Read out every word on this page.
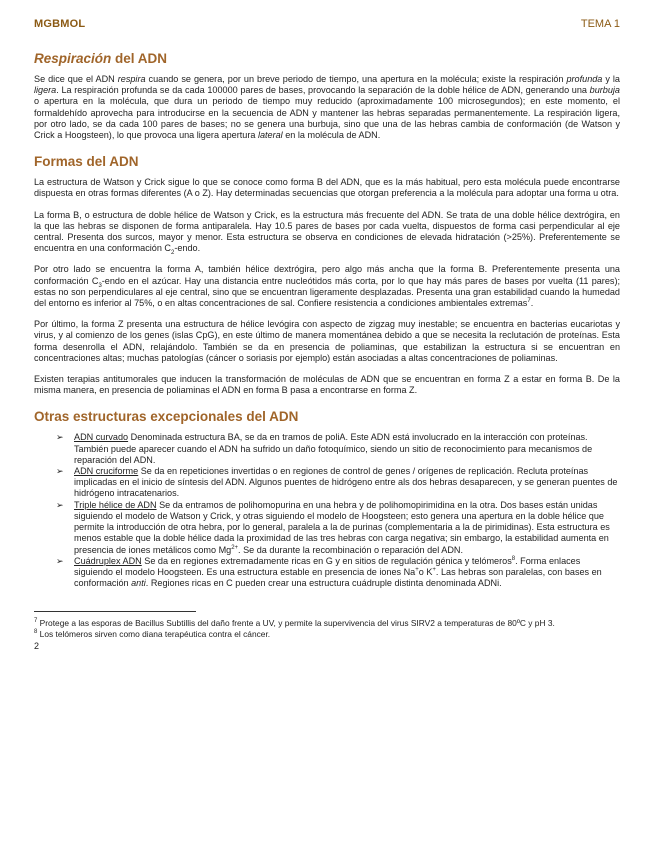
MGBMOL	TEMA 1
Respiración del ADN

Se dice que el ADN respira cuando se genera, por un breve periodo de tiempo, una apertura en la molécula; existe la respiración profunda y la ligera. La respiración profunda se da cada 100000 pares de bases, provocando la separación de la doble hélice de ADN, generando una burbuja o apertura en la molécula, que dura un periodo de tiempo muy reducido (aproximadamente 100 microsegundos); en este momento, el formaldehído aprovecha para introducirse en la secuencia de ADN y mantener las hebras separadas permanentemente. La respiración ligera, por otro lado, se da cada 100 pares de bases; no se genera una burbuja, sino que una de las hebras cambia de conformación (de Watson y Crick a Hoogsteen), lo que provoca una ligera apertura lateral en la molécula de ADN.

Formas del ADN

La estructura de Watson y Crick sigue lo que se conoce como forma B del ADN, que es la más habitual, pero esta molécula puede encontrarse dispuesta en otras formas diferentes (A o Z). Hay determinadas secuencias que otorgan preferencia a la molécula para adoptar una forma u otra.

La forma B, o estructura de doble hélice de Watson y Crick, es la estructura más frecuente del ADN. Se trata de una doble hélice dextrógira, en la que las hebras se disponen de forma antiparalela. Hay 10.5 pares de bases por cada vuelta, dispuestos de forma casi perpendicular al eje central. Presenta dos surcos, mayor y menor. Esta estructura se observa en condiciones de elevada hidratación (>25%). Preferentemente se encuentra en una conformación $C_2$-endo.

Por otro lado se encuentra la forma A, también hélice dextrógira, pero algo más ancha que la forma B. Preferentemente presenta una conformación $C_3$-endo en el azúcar. Hay una distancia entre nucleótidos más corta, por lo que hay más pares de bases por vuelta (11 pares); estas no son perpendiculares al eje central, sino que se encuentran ligeramente desplazadas. Presenta una gran estabilidad cuando la humedad del entorno es inferior al 75%, o en altas concentraciones de sal. Confiere resistencia a condiciones ambientales extremas$^7$.

Por último, la forma Z presenta una estructura de hélice levógira con aspecto de zigzag muy inestable; se encuentra en bacterias eucariotas y virus, y al comienzo de los genes (islas CpG), en este último de manera momentánea debido a que se necesita la reclutación de proteínas. Esta forma desenrolla el ADN, relajándolo. También se da en presencia de poliaminas, que estabilizan la estructura si se encuentran en concentraciones altas; muchas patologías (cáncer o soriasis por ejemplo) están asociadas a altas concentraciones de poliaminas.

Existen terapias antitumorales que inducen la transformación de moléculas de ADN que se encuentran en forma Z a estar en forma B. De la misma manera, en presencia de poliaminas el ADN en forma B pasa a encontrarse en forma Z.

Otras estructuras excepcionales del ADN
➢ ADN curvado Denominada estructura BA, se da en tramos de poliA. Este ADN está involucrado en la interacción con proteínas. También puede aparecer cuando el ADN ha sufrido un daño fotoquímico, siendo un sitio de reconocimiento para mecanismos de reparación del ADN.
➢ ADN cruciforme Se da en repeticiones invertidas o en regiones de control de genes / orígenes de replicación. Recluta proteínas implicadas en el inicio de síntesis del ADN. Algunos puentes de hidrógeno entre als dos hebras desaparecen, y se generan puentes de hidrógeno intracatenarios.
➢ Triple hélice de ADN Se da entramos de polihomopurina en una hebra y de polihomopirimidina en la otra. Dos bases están unidas siguiendo el modelo de Watson y Crick, y otras siguiendo el modelo de Hoogsteen; esto genera una apertura en la doble hélice que permite la introducción de otra hebra, por lo general, paralela a la de purinas (complementaria a la de pirimidinas). Esta estructura es menos estable que la doble hélice dada la proximidad de las tres hebras con carga negativa; sin embargo, la estabilidad aumenta en presencia de iones metálicos como $Mg^{2+}$. Se da durante la recombinación o reparación del ADN.
➢ Cuádruplex ADN Se da en regiones extremadamente ricas en G y en sitios de regulación génica y telómeros$^8$. Forma enlaces siguiendo el modelo Hoogsteen. Es una estructura estable en presencia de iones Na+o K+. Las hebras son paralelas, con bases en conformación anti. Regiones ricas en C pueden crear una estructura cuádruple distinta denominada ADNi.

$^7$ Protege a las esporas de Bacillus Subtillis del daño frente a UV, y permite la supervivencia del virus SIRV2 a temperaturas de 80ºC y pH 3.

$^8$ Los telómeros sirven como diana terapéutica contra el cáncer.

2
